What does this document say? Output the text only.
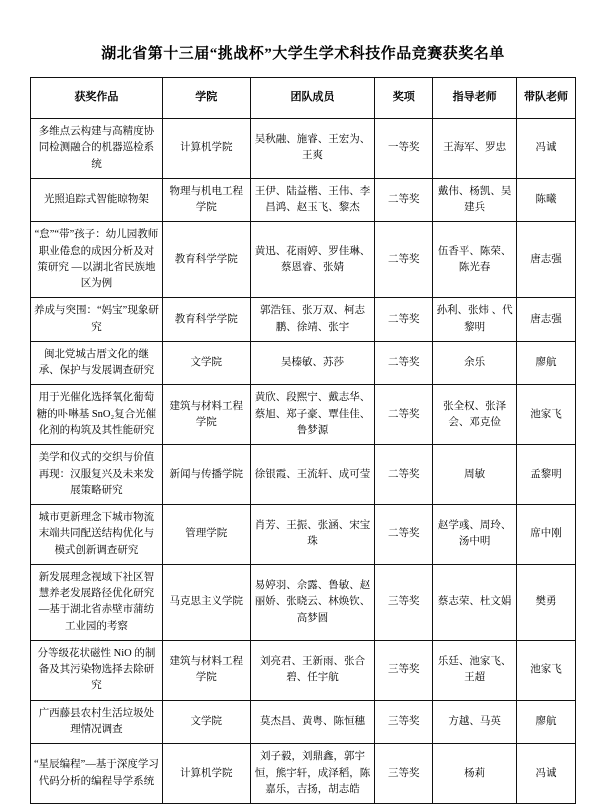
湖北省第十三届“挑战杯”大学生学术科技作品竞赛获奖名单
获奖作品	学院	团队成员	奖项	指导老师	带队老师
多维点云构建与高精度协同检测融合的机器巡检系统	计算机学院	吴秋融、施睿、王宏为、王爽	一等奖	王海军、罗忠	冯诚
光照追踪式智能晾物架	物理与机电工程学院	王伊、陆益楷、王伟、李昌鸿、赵玉飞、黎杰	二等奖	戴伟、杨凯、吴建兵	陈曦
“怠”“带”孩子：幼儿园教师职业倦怠的成因分析及对策研究 —以湖北省民族地区为例	教育科学学院	黄迅、花雨婷、罗佳琳、蔡恩睿、张婧	二等奖	伍香平、陈荣、陈光春	唐志强
养成与突围：“妈宝”现象研究	教育科学学院	郭浩钰、张万双、柯志鹏、徐靖、张宇	二等奖	孙利、张炜 、代黎明	唐志强
闽北党城古厝文化的继承、保护与发展调查研究	文学院	吴榛敏、苏莎	二等奖	余乐	廖航
用于光催化选择氧化葡萄糖的卟啉基 SnO₂复合光催化剂的构筑及其性能研究	建筑与材料工程学院	黄欣、段熙宁、戴志华、蔡旭、郑子豪、覃佳佳、鲁梦源	二等奖	张全权、张泽会、邓克俭	池家飞
美学和仪式的交织与价值再现：汉服复兴及未来发展策略研究	新闻与传播学院	徐银霞、王流轩、成可莹	二等奖	周敏	孟黎明
城市更新理念下城市物流末端共同配送结构优化与模式创新调查研究	管理学院	肖芳、王振、张涵、宋宝珠	二等奖	赵学彧、周玲、汤中明	席中刚
新发展理念视域下社区智慧养老发展路径优化研究—基于湖北省赤壁市蒲纺工业园的考察	马克思主义学院	易婷羽、佘露、鲁敏、赵丽娇、张晓云、林焕钦、高梦圆	三等奖	蔡志荣、杜文娟	樊勇
分等级花状磁性 NiO 的制备及其污染物选择去除研究	建筑与材料工程学院	刘亮君、王新雨、张合碧、任宇航	三等奖	乐廷、池家飞、王超	池家飞
广西藤县农村生活垃圾处理情况调查	文学院	莫杰昌、黄粤、陈恒穗	三等奖	方越、马英	廖航
“星辰编程”—基于深度学习代码分析的编程导学系统	计算机学院	刘子毅，刘鼎鑫，郭宇恒，熊宇轩，成泽稻，陈嘉乐，吉扬，胡志皓	三等奖	杨莉	冯诚
